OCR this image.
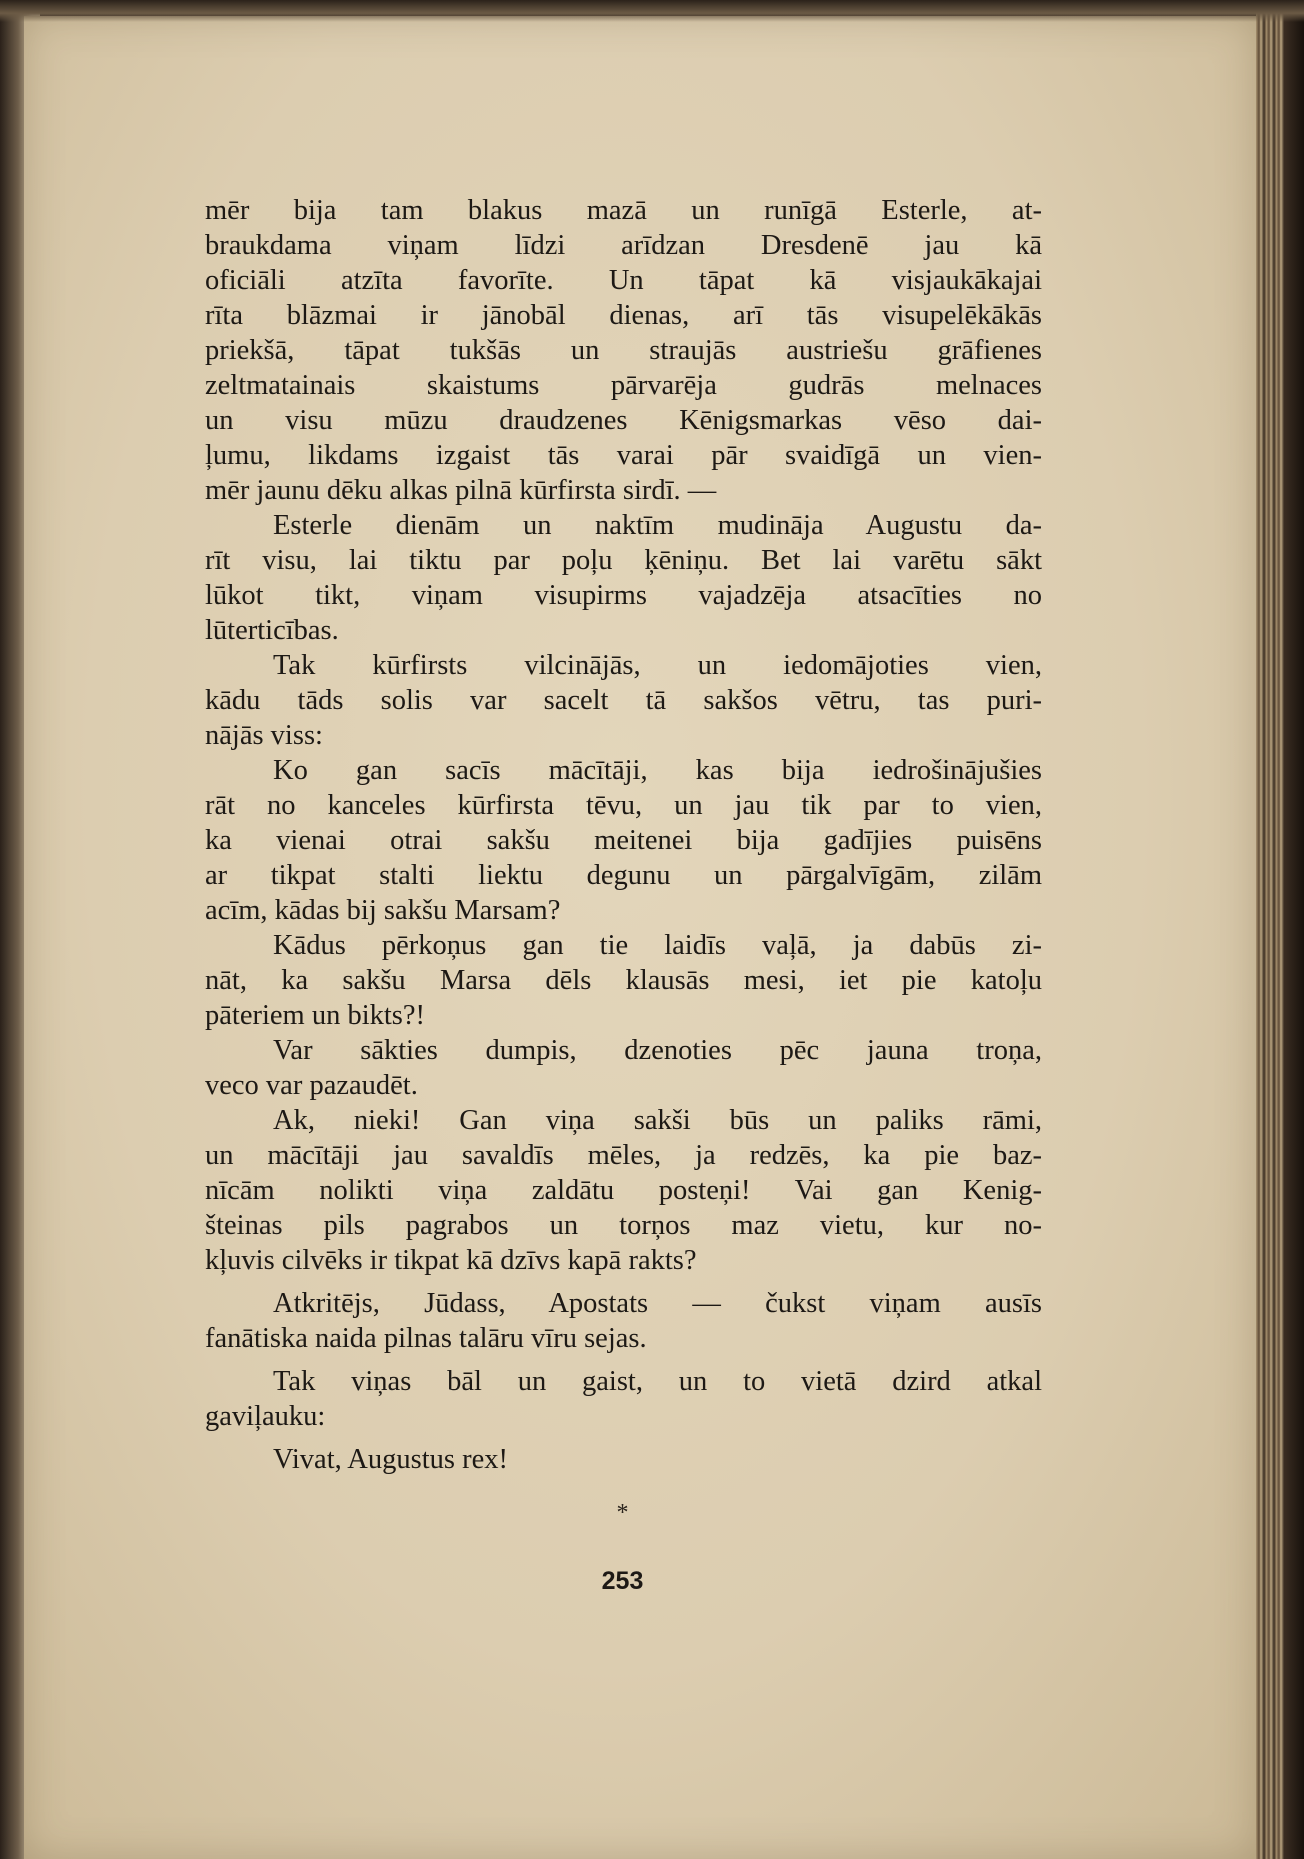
mēr bija tam blakus mazā un runīgā Esterle, at-
braukdama viņam līdzi arīdzan Dresdenē jau kā
oficiāli atzīta favorīte. Un tāpat kā visjaukākajai
rīta blāzmai ir jānobāl dienas, arī tās visupelēkākās
priekšā, tāpat tukšās un straujās austriešu grāfienes
zeltmatainais skaistums pārvarēja gudrās melnaces
un visu mūzu draudzenes Kēnigsmarkas vēso dai-
ļumu, likdams izgaist tās varai pār svaidīgā un vien-
mēr jaunu dēku alkas pilnā kūrfirsta sirdī. —
Esterle dienām un naktīm mudināja Augustu da-
rīt visu, lai tiktu par poļu ķēniņu. Bet lai varētu sākt
lūkot tikt, viņam visupirms vajadzēja atsacīties no
lūterticības.
Tak kūrfirsts vilcinājās, un iedomājoties vien,
kādu tāds solis var sacelt tā sakšos vētru, tas puri-
nājās viss:
Ko gan sacīs mācītāji, kas bija iedrošinājušies
rāt no kanceles kūrfirsta tēvu, un jau tik par to vien,
ka vienai otrai sakšu meitenei bija gadījies puisēns
ar tikpat stalti liektu degunu un pārgalvīgām, zilām
acīm, kādas bij sakšu Marsam?
Kādus pērkoņus gan tie laidīs vaļā, ja dabūs zi-
nāt, ka sakšu Marsa dēls klausās mesi, iet pie katoļu
pāteriem un bikts?!
Var sākties dumpis, dzenoties pēc jauna troņa,
veco var pazaudēt.
Ak, nieki! Gan viņa sakši būs un paliks rāmi,
un mācītāji jau savaldīs mēles, ja redzēs, ka pie baz-
nīcām nolikti viņa zaldātu posteņi! Vai gan Kenig-
šteinas pils pagrabos un torņos maz vietu, kur no-
kļuvis cilvēks ir tikpat kā dzīvs kapā rakts?
Atkritējs, Jūdass, Apostats — čukst viņam ausīs
fanātiska naida pilnas talāru vīru sejas.
Tak viņas bāl un gaist, un to vietā dzird atkal
gaviļauku:
Vivat, Augustus rex!
*
253
